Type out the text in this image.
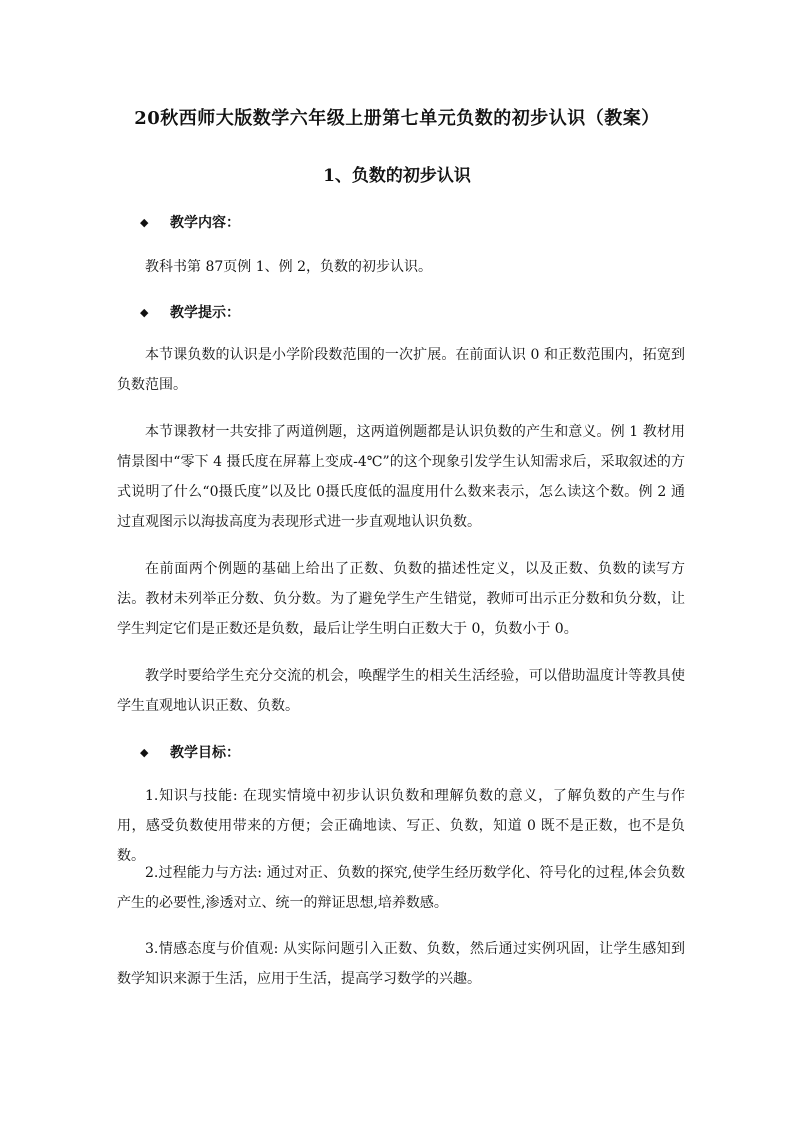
20秋西师大版数学六年级上册第七单元负数的初步认识（教案）
1、负数的初步认识
◆	教学内容：

教科书第 87页例 1、例 2，负数的初步认识。

◆	教学提示：

本节课负数的认识是小学阶段数范围的一次扩展。在前面认识 0 和正数范围内，拓宽到负数范围。

本节课教材一共安排了两道例题，这两道例题都是认识负数的产生和意义。例 1 教材用情景图中“零下 4 摄氏度在屏幕上变成-4℃”的这个现象引发学生认知需求后，采取叙述的方式说明了什么“0摄氏度”以及比 0摄氏度低的温度用什么数来表示，怎么读这个数。例 2 通过直观图示以海拔高度为表现形式进一步直观地认识负数。

在前面两个例题的基础上给出了正数、负数的描述性定义，以及正数、负数的读写方法。教材未列举正分数、负分数。为了避免学生产生错觉，教师可出示正分数和负分数，让学生判定它们是正数还是负数，最后让学生明白正数大于 0，负数小于 0。

教学时要给学生充分交流的机会，唤醒学生的相关生活经验，可以借助温度计等教具使学生直观地认识正数、负数。

◆	教学目标：

1.知识与技能: 在现实情境中初步认识负数和理解负数的意义，了解负数的产生与作用，感受负数使用带来的方便；会正确地读、写正、负数，知道 0 既不是正数，也不是负数。

2.过程能力与方法: 通过对正、负数的探究,使学生经历数学化、符号化的过程,体会负数产生的必要性,渗透对立、统一的辩证思想,培养数感。

3.情感态度与价值观: 从实际问题引入正数、负数，然后通过实例巩固，让学生感知到数学知识来源于生活，应用于生活，提高学习数学的兴趣。
